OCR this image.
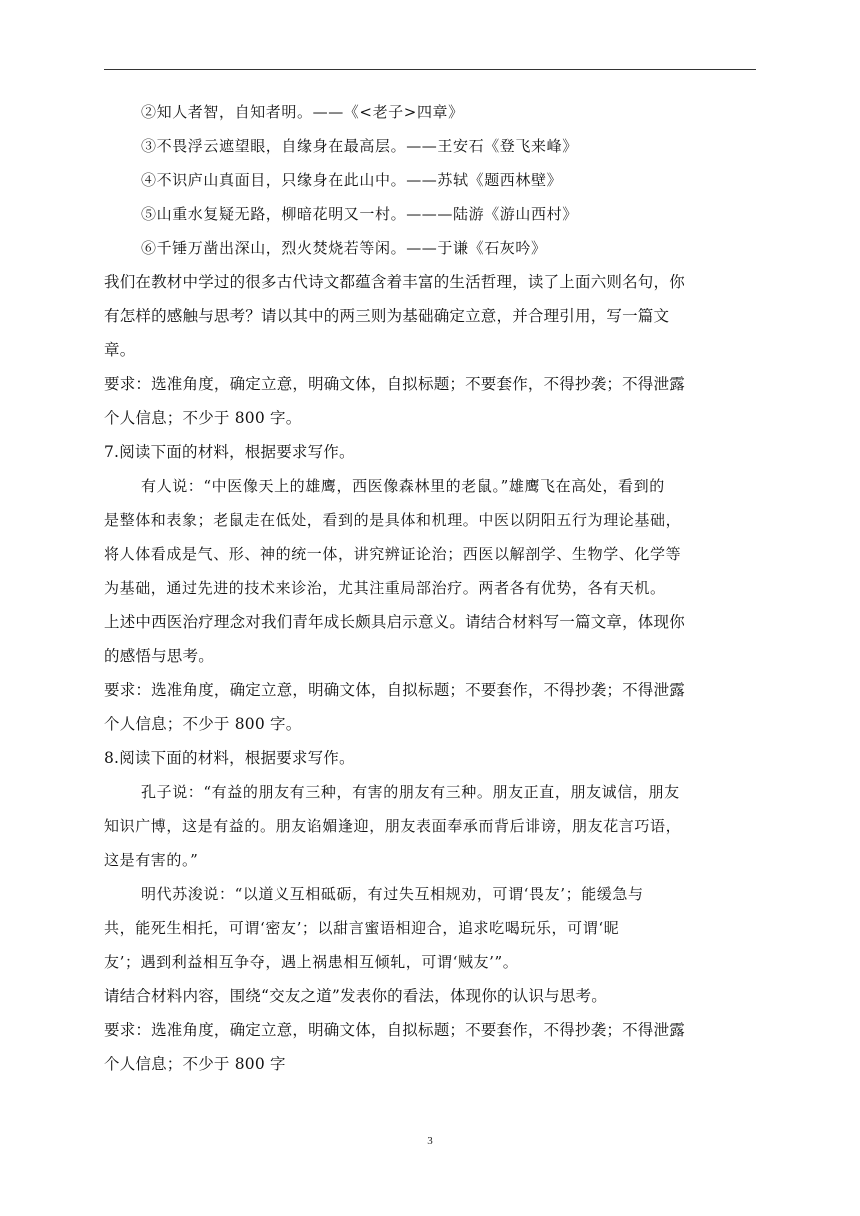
②知人者智，自知者明。——《<老子>四章》
③不畏浮云遮望眼，自缘身在最高层。——王安石《登飞来峰》
④不识庐山真面目，只缘身在此山中。——苏轼《题西林壁》
⑤山重水复疑无路，柳暗花明又一村。———陆游《游山西村》
⑥千锤万凿出深山，烈火焚烧若等闲。——于谦《石灰吟》
我们在教材中学过的很多古代诗文都蕴含着丰富的生活哲理，读了上面六则名句，你
有怎样的感触与思考？请以其中的两三则为基础确定立意，并合理引用，写一篇文
章。
要求：选准角度，确定立意，明确文体，自拟标题；不要套作，不得抄袭；不得泄露
个人信息；不少于 800 字。
7.阅读下面的材料，根据要求写作。
有人说：“中医像天上的雄鹰，西医像森林里的老鼠。”雄鹰飞在高处，看到的
是整体和表象；老鼠走在低处，看到的是具体和机理。中医以阴阳五行为理论基础，
将人体看成是气、形、神的统一体，讲究辨证论治；西医以解剖学、生物学、化学等
为基础，通过先进的技术来诊治，尤其注重局部治疗。两者各有优势，各有天机。
上述中西医治疗理念对我们青年成长颇具启示意义。请结合材料写一篇文章，体现你
的感悟与思考。
要求：选准角度，确定立意，明确文体，自拟标题；不要套作，不得抄袭；不得泄露
个人信息；不少于 800 字。
8.阅读下面的材料，根据要求写作。
孔子说：“有益的朋友有三种，有害的朋友有三种。朋友正直，朋友诚信，朋友
知识广博，这是有益的。朋友谄媚逢迎，朋友表面奉承而背后诽谤，朋友花言巧语，
这是有害的。”
明代苏浚说：“以道义互相砥砺，有过失互相规劝，可谓‘畏友’；能缓急与
共，能死生相托，可谓‘密友’；以甜言蜜语相迎合，追求吃喝玩乐，可谓‘昵
友’；遇到利益相互争夺，遇上祸患相互倾轧，可谓‘贼友’”。
请结合材料内容，围绕“交友之道”发表你的看法，体现你的认识与思考。
要求：选准角度，确定立意，明确文体，自拟标题；不要套作，不得抄袭；不得泄露
个人信息；不少于 800 字
3
